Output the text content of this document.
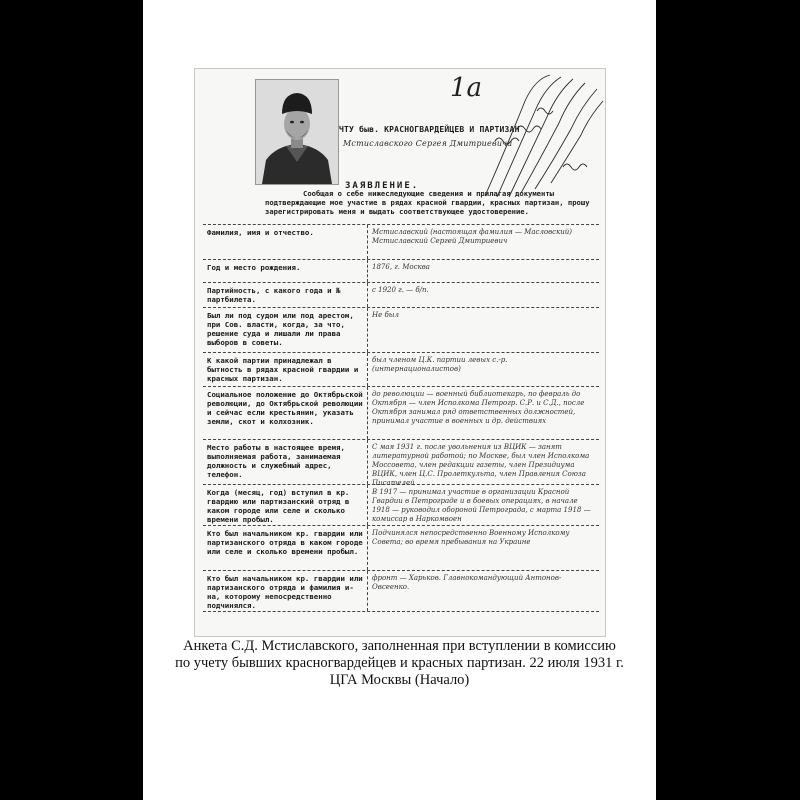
1а
ЧТУ быв. КРАСНОГВАРДЕЙЦЕВ И ПАРТИЗАН
Мстиславского Сергея Дмитриевича
ЗАЯВЛЕНИЕ.
Сообщая о себе нижеследующие сведения и прилагая документы подтверждающие мое участие в рядах красной гвардии, красных партизан, прошу зарегистрировать меня и выдать соответствующее удостоверение.
Фамилия, имя и отчество.	Мстиславский (настоящая фамилия — Масловский) Мстиславский Сергей Дмитриевич
Год и место рождения.	1876, г. Москва
Партийность, с какого года и № партбилета.
с 1920 г. — б/п.
Был ли под судом или под арестом, при Сов. власти, когда, за что, решение суда и лишали ли права выборов в советы.
Не был
К какой партии принадлежал в бытность в рядах красной гвардии и красных партизан.
был членом Ц.К. партии левых с.-р. (интернационалистов)
Социальное положение до Октябрьской революции, до Октябрьской революции и сейчас если крестьянин, указать земли, скот и колхозник.
до революции — военный библиотекарь, по февраль до Октября — член Исполкома Петрогр. С.Р. и С.Д., после Октября занимал ряд ответственных должностей, принимал участие в военных и др. действиях
Место работы в настоящее время, выполняемая работа, занимаемая должность и служебный адрес, телефон.
С мая 1931 г. после увольнения из ВЦИК — занят литературной работой; по Москве, был член Исполкома Моссовета, член редакции газеты, член Президиума ВЦИК, член Ц.С. Пролеткульта, член Правления Союза Писателей
Когда (месяц, год) вступил в кр. гвардию или партизанский отряд в каком городе или селе и сколько времени пробыл.
В 1917 — принимал участие в организации Красной Гвардии в Петрограде и в боевых операциях, в начале 1918 — руководил обороной Петрограда, с марта 1918 — комиссар в Наркомвоен
Кто был начальником кр. гвардии или партизанского отряда в каком городе или селе и сколько времени пробыл.
Подчинялся непосредственно Военному Исполкому Совета; во время пребывания на Украине
Кто был начальником кр. гвардии или партизанского отряда и фамилия и-на, которому непосредственно подчинялся.
фронт — Харьков. Главнокомандующий Антонов-Овсеенко.
Анкета С.Д. Мстиславского, заполненная при вступлении в комиссию
по учету бывших красногвардейцев и красных партизан. 22 июля 1931 г.
ЦГА Москвы (Начало)
